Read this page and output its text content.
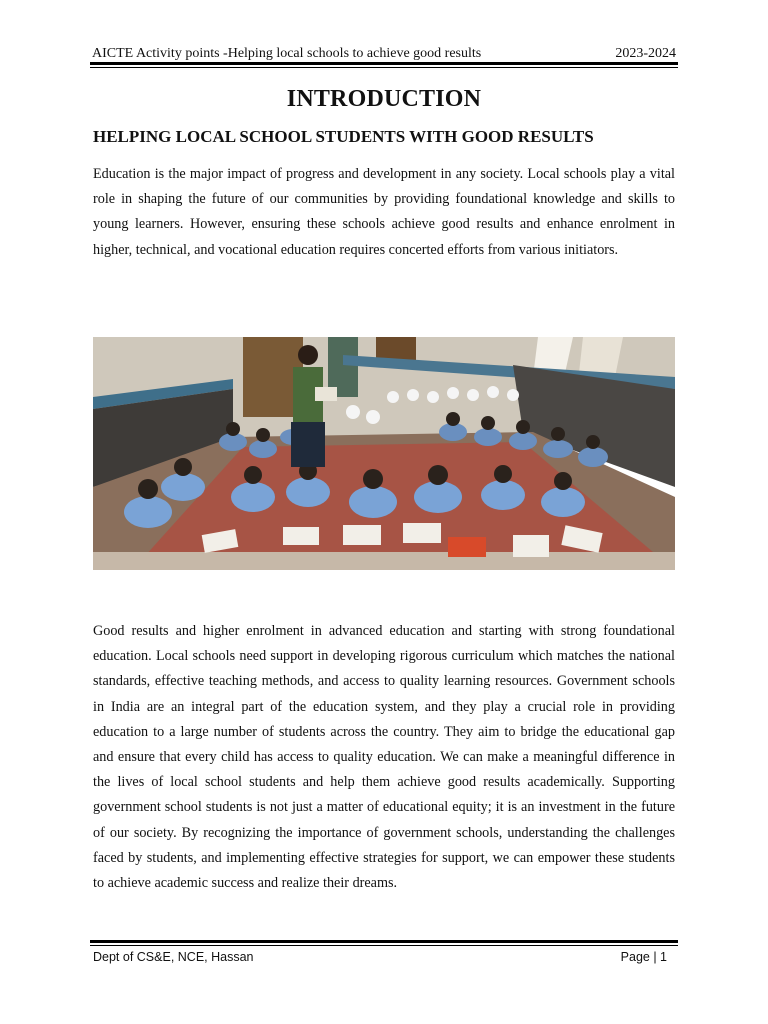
AICTE Activity points -Helping local schools to achieve good results	2023-2024
INTRODUCTION
HELPING LOCAL SCHOOL STUDENTS WITH GOOD RESULTS
Education is the major impact of progress and development in any society. Local schools play a vital role in shaping the future of our communities by providing foundational knowledge and skills to young learners. However, ensuring these schools achieve good results and enhance enrolment in higher, technical, and vocational education requires concerted efforts from various initiators.
Good results and higher enrolment in advanced education and starting with strong foundational education. Local schools need support in developing rigorous curriculum which matches the national standards, effective teaching methods, and access to quality learning resources. Government schools in India are an integral part of the education system, and they play a crucial role in providing education to a large number of students across the country. They aim to bridge the educational gap and ensure that every child has access to quality education. We can make a meaningful difference in the lives of local school students and help them achieve good results academically. Supporting government school students is not just a matter of educational equity; it is an investment in the future of our society. By recognizing the importance of government schools, understanding the challenges faced by students, and implementing effective strategies for support, we can empower these students to achieve academic success and realize their dreams.
Dept of CS&E, NCE, Hassan	Page | 1
